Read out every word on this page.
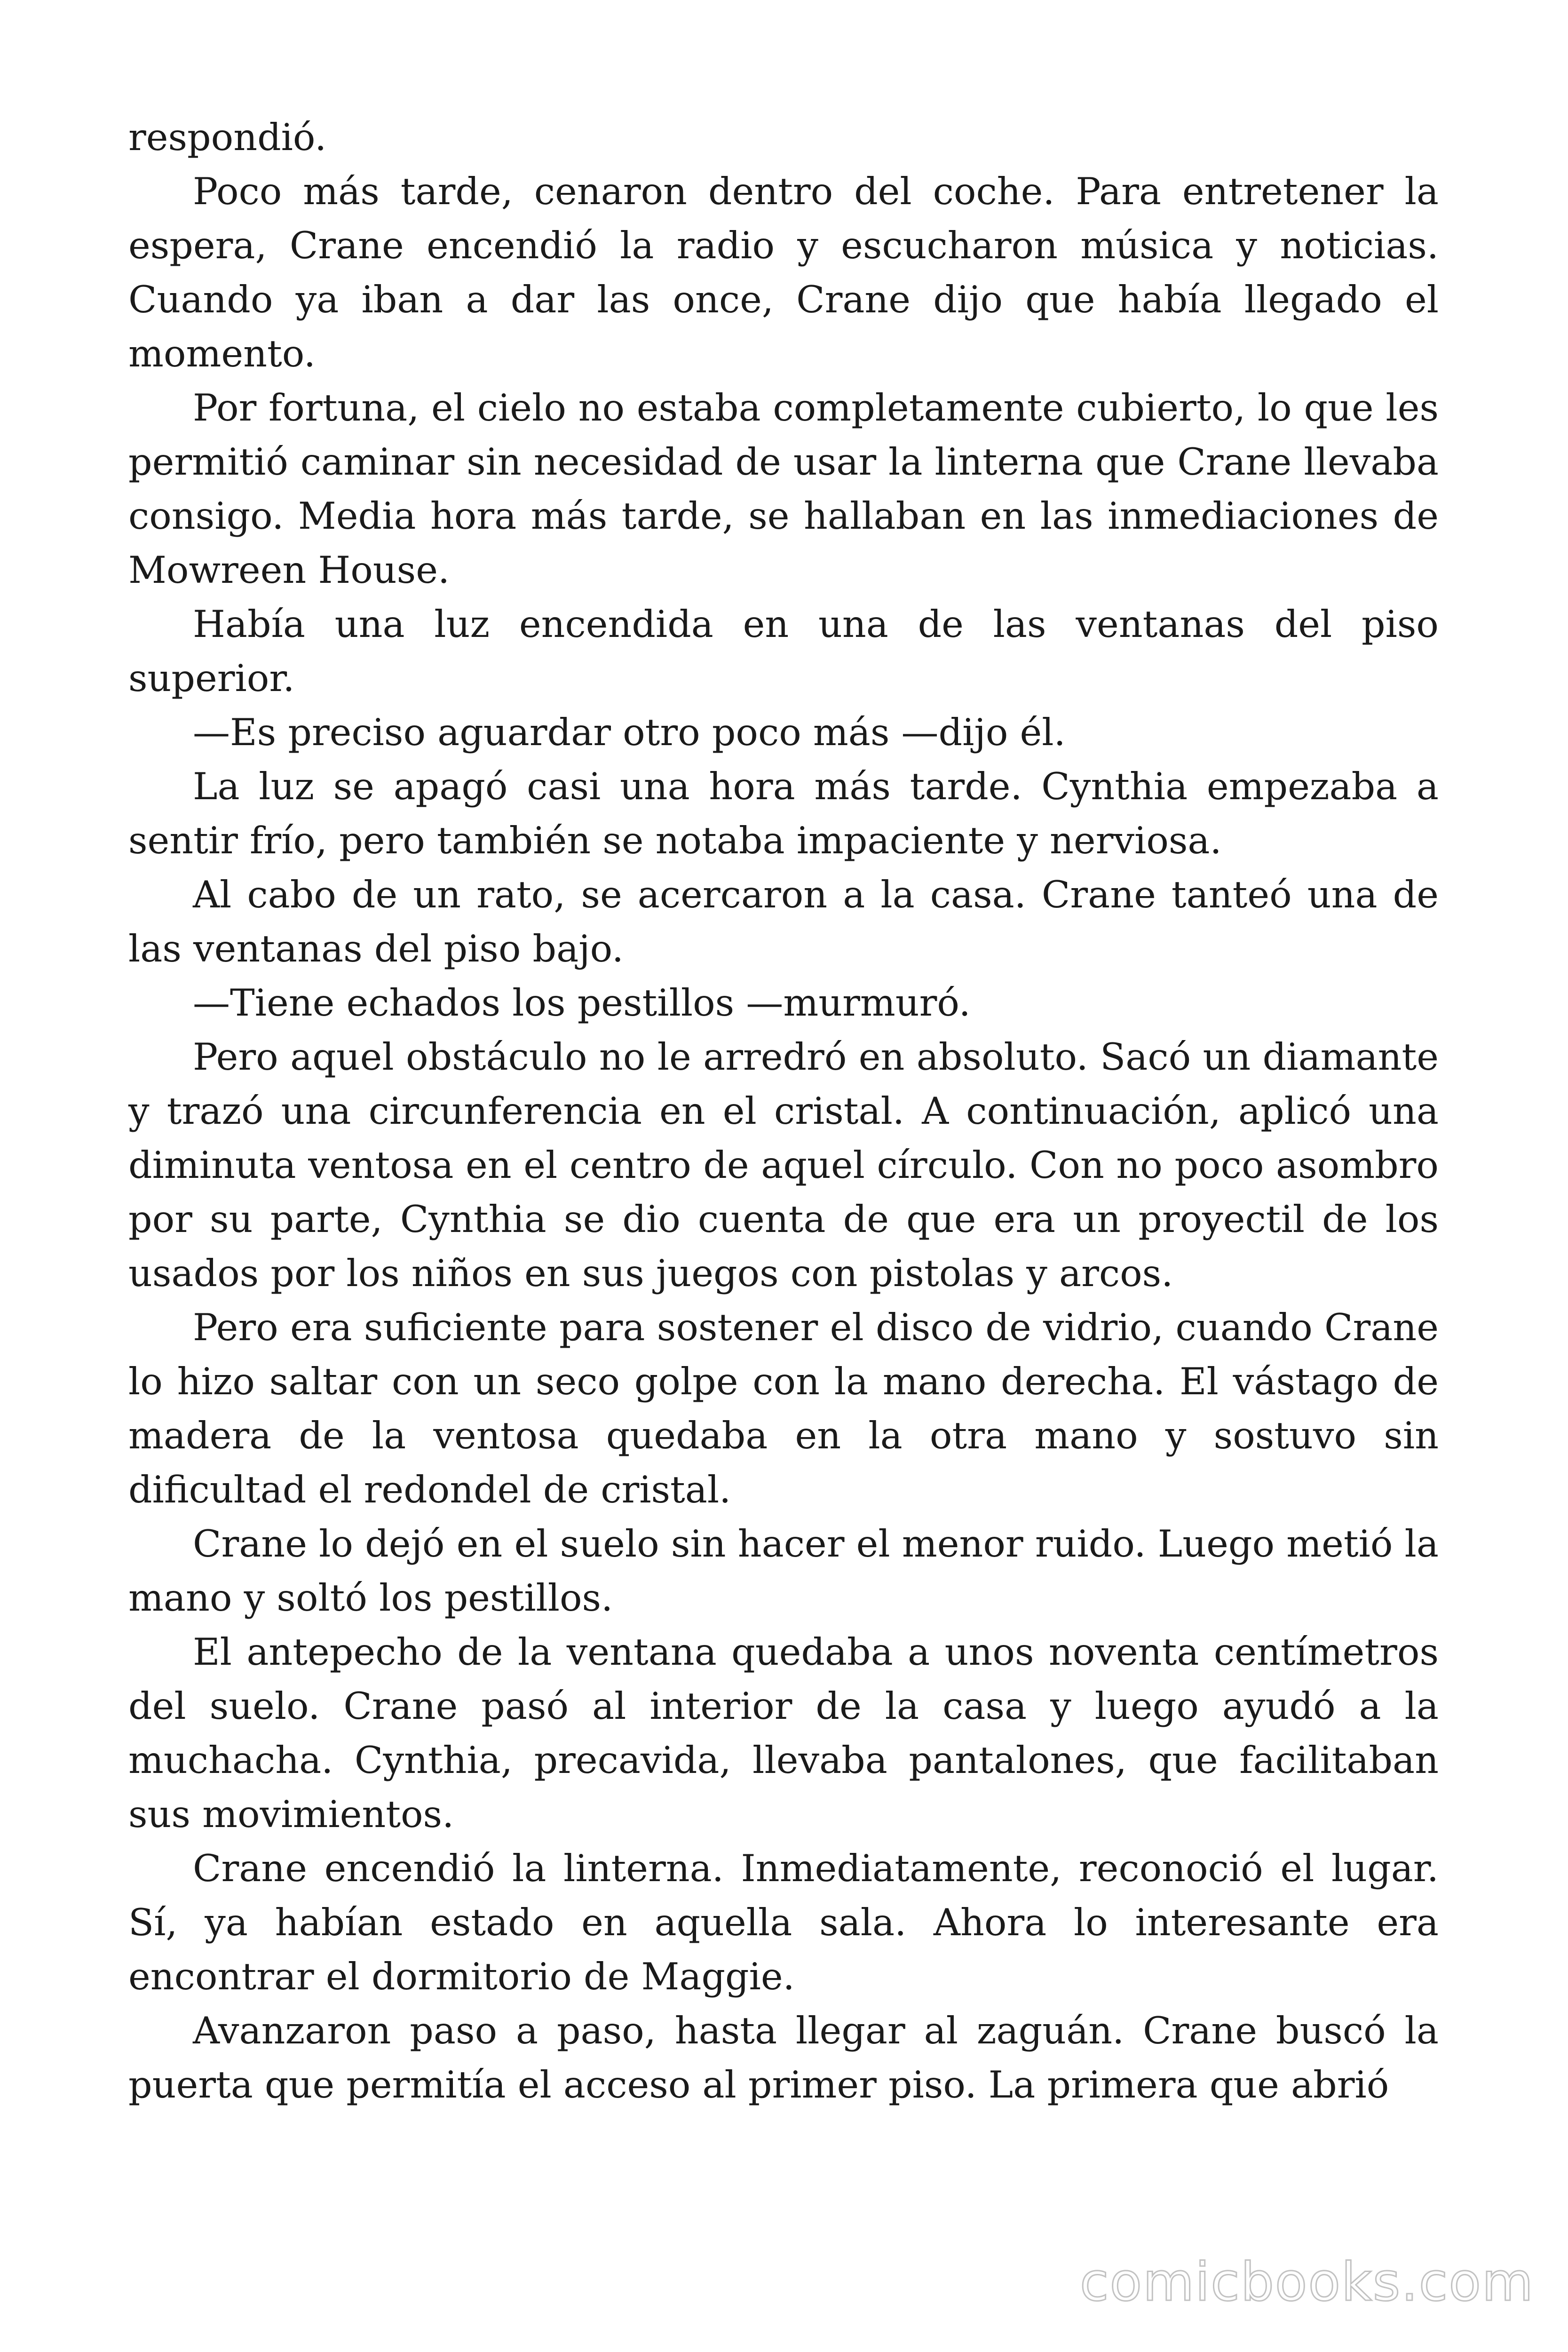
respondió.

Poco más tarde, cenaron dentro del coche. Para entretener la espera, Crane encendió la radio y escucharon música y noticias. Cuando ya iban a dar las once, Crane dijo que había llegado el momento.

Por fortuna, el cielo no estaba completamente cubierto, lo que les permitió caminar sin necesidad de usar la linterna que Crane llevaba consigo. Media hora más tarde, se hallaban en las inmediaciones de Mowreen House.

Había una luz encendida en una de las ventanas del piso superior.

—Es preciso aguardar otro poco más —dijo él.

La luz se apagó casi una hora más tarde. Cynthia empezaba a sentir frío, pero también se notaba impaciente y nerviosa.

Al cabo de un rato, se acercaron a la casa. Crane tanteó una de las ventanas del piso bajo.

—Tiene echados los pestillos —murmuró.

Pero aquel obstáculo no le arredró en absoluto. Sacó un diamante y trazó una circunferencia en el cristal. A continuación, aplicó una diminuta ventosa en el centro de aquel círculo. Con no poco asombro por su parte, Cynthia se dio cuenta de que era un proyectil de los usados por los niños en sus juegos con pistolas y arcos.

Pero era suficiente para sostener el disco de vidrio, cuando Crane lo hizo saltar con un seco golpe con la mano derecha. El vástago de madera de la ventosa quedaba en la otra mano y sostuvo sin dificultad el redondel de cristal.

Crane lo dejó en el suelo sin hacer el menor ruido. Luego metió la mano y soltó los pestillos.

El antepecho de la ventana quedaba a unos noventa centímetros del suelo. Crane pasó al interior de la casa y luego ayudó a la muchacha. Cynthia, precavida, llevaba pantalones, que facilitaban sus movimientos.

Crane encendió la linterna. Inmediatamente, reconoció el lugar. Sí, ya habían estado en aquella sala. Ahora lo interesante era encontrar el dormitorio de Maggie.

Avanzaron paso a paso, hasta llegar al zaguán. Crane buscó la puerta que permitía el acceso al primer piso. La primera que abrió

comicbooks.com
